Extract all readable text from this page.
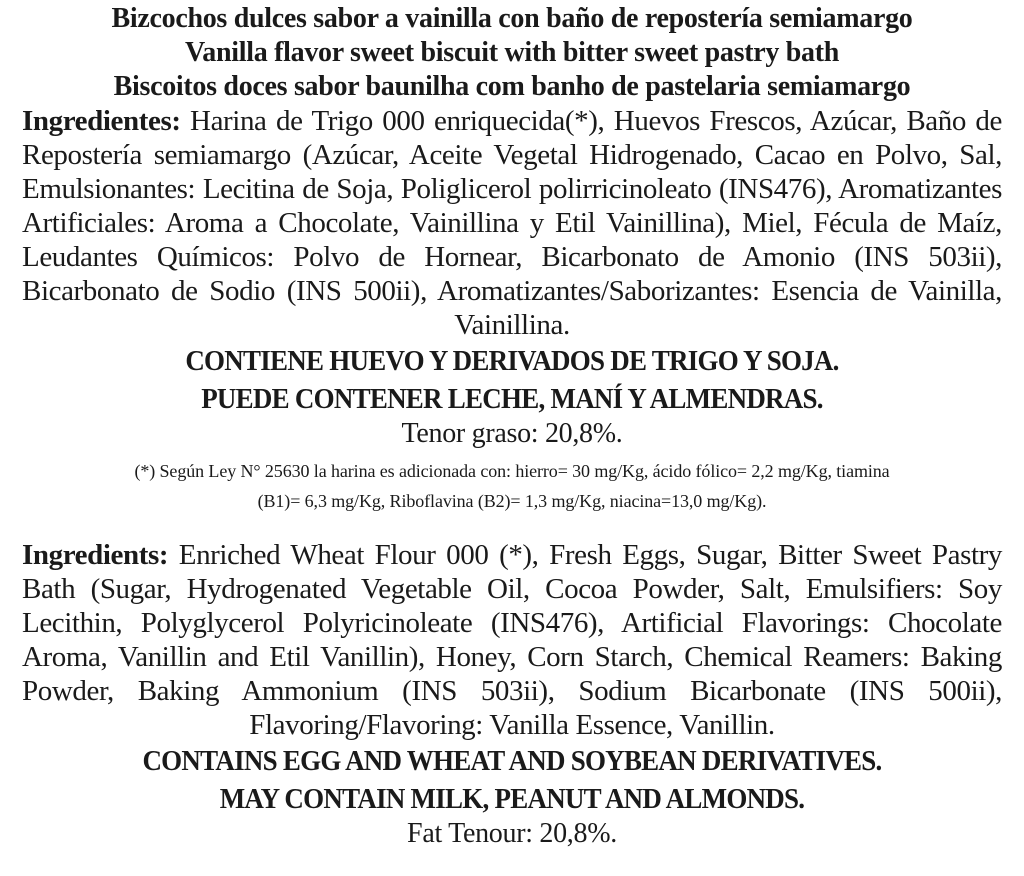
Bizcochos dulces sabor a vainilla con baño de repostería semiamargo
Vanilla flavor sweet biscuit with bitter sweet pastry bath
Biscoitos doces sabor baunilha com banho de pastelaria semiamargo
Ingredientes: Harina de Trigo 000 enriquecida(*), Huevos Frescos, Azúcar, Baño de Repostería semiamargo (Azúcar, Aceite Vegetal Hidrogenado, Cacao en Polvo, Sal, Emulsionantes: Lecitina de Soja, Poliglicerol polirricinoleato (INS476), Aromatizantes Artificiales: Aroma a Chocolate, Vainillina y Etil Vainillina), Miel, Fécula de Maíz, Leudantes Químicos: Polvo de Hornear, Bicarbonato de Amonio (INS 503ii), Bicarbonato de Sodio (INS 500ii), Aromatizantes/Saborizantes: Esencia de Vainilla, Vainillina.
CONTIENE HUEVO Y DERIVADOS DE TRIGO Y SOJA.
PUEDE CONTENER LECHE, MANÍ Y ALMENDRAS.
Tenor graso: 20,8%.
(*) Según Ley N° 25630 la harina es adicionada con: hierro= 30 mg/Kg, ácido fólico= 2,2 mg/Kg, tiamina
(B1)= 6,3 mg/Kg, Riboflavina (B2)= 1,3 mg/Kg, niacina=13,0 mg/Kg).
Ingredients: Enriched Wheat Flour 000 (*), Fresh Eggs, Sugar, Bitter Sweet Pastry Bath (Sugar, Hydrogenated Vegetable Oil, Cocoa Powder, Salt, Emulsifiers: Soy Lecithin, Polyglycerol Polyricinoleate (INS476), Artificial Flavorings: Chocolate Aroma, Vanillin and Etil Vanillin), Honey, Corn Starch, Chemical Reamers: Baking Powder, Baking Ammonium (INS 503ii), Sodium Bicarbonate (INS 500ii), Flavoring/Flavoring: Vanilla Essence, Vanillin.
CONTAINS EGG AND WHEAT AND SOYBEAN DERIVATIVES.
MAY CONTAIN MILK, PEANUT AND ALMONDS.
Fat Tenour: 20,8%.
